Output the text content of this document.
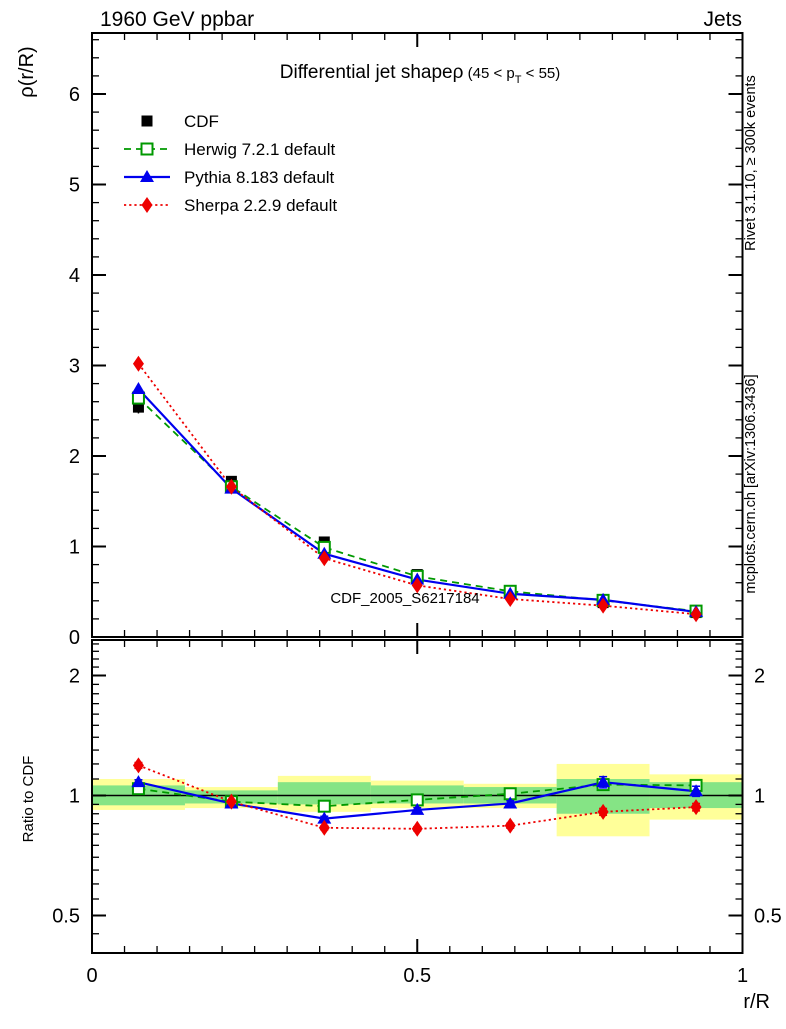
CDF
Herwig 7.2.1 default
Pythia 8.183 default
Sherpa 2.2.9 default
0
1
2
3
4
5
6
0.5	0.5
1	1
2	2
0	0.5	1
1960 GeV ppbar	Jets
Differential jet shapeρ ($45 < p_T$ $^{< 55)}$
ρ(r/R)
Ratio to CDF
Rivet 3.1.10, ≥ 300k events
mcplots.cern.ch [arXiv:1306.3436]
CDF_2005_S6217184
r/R
